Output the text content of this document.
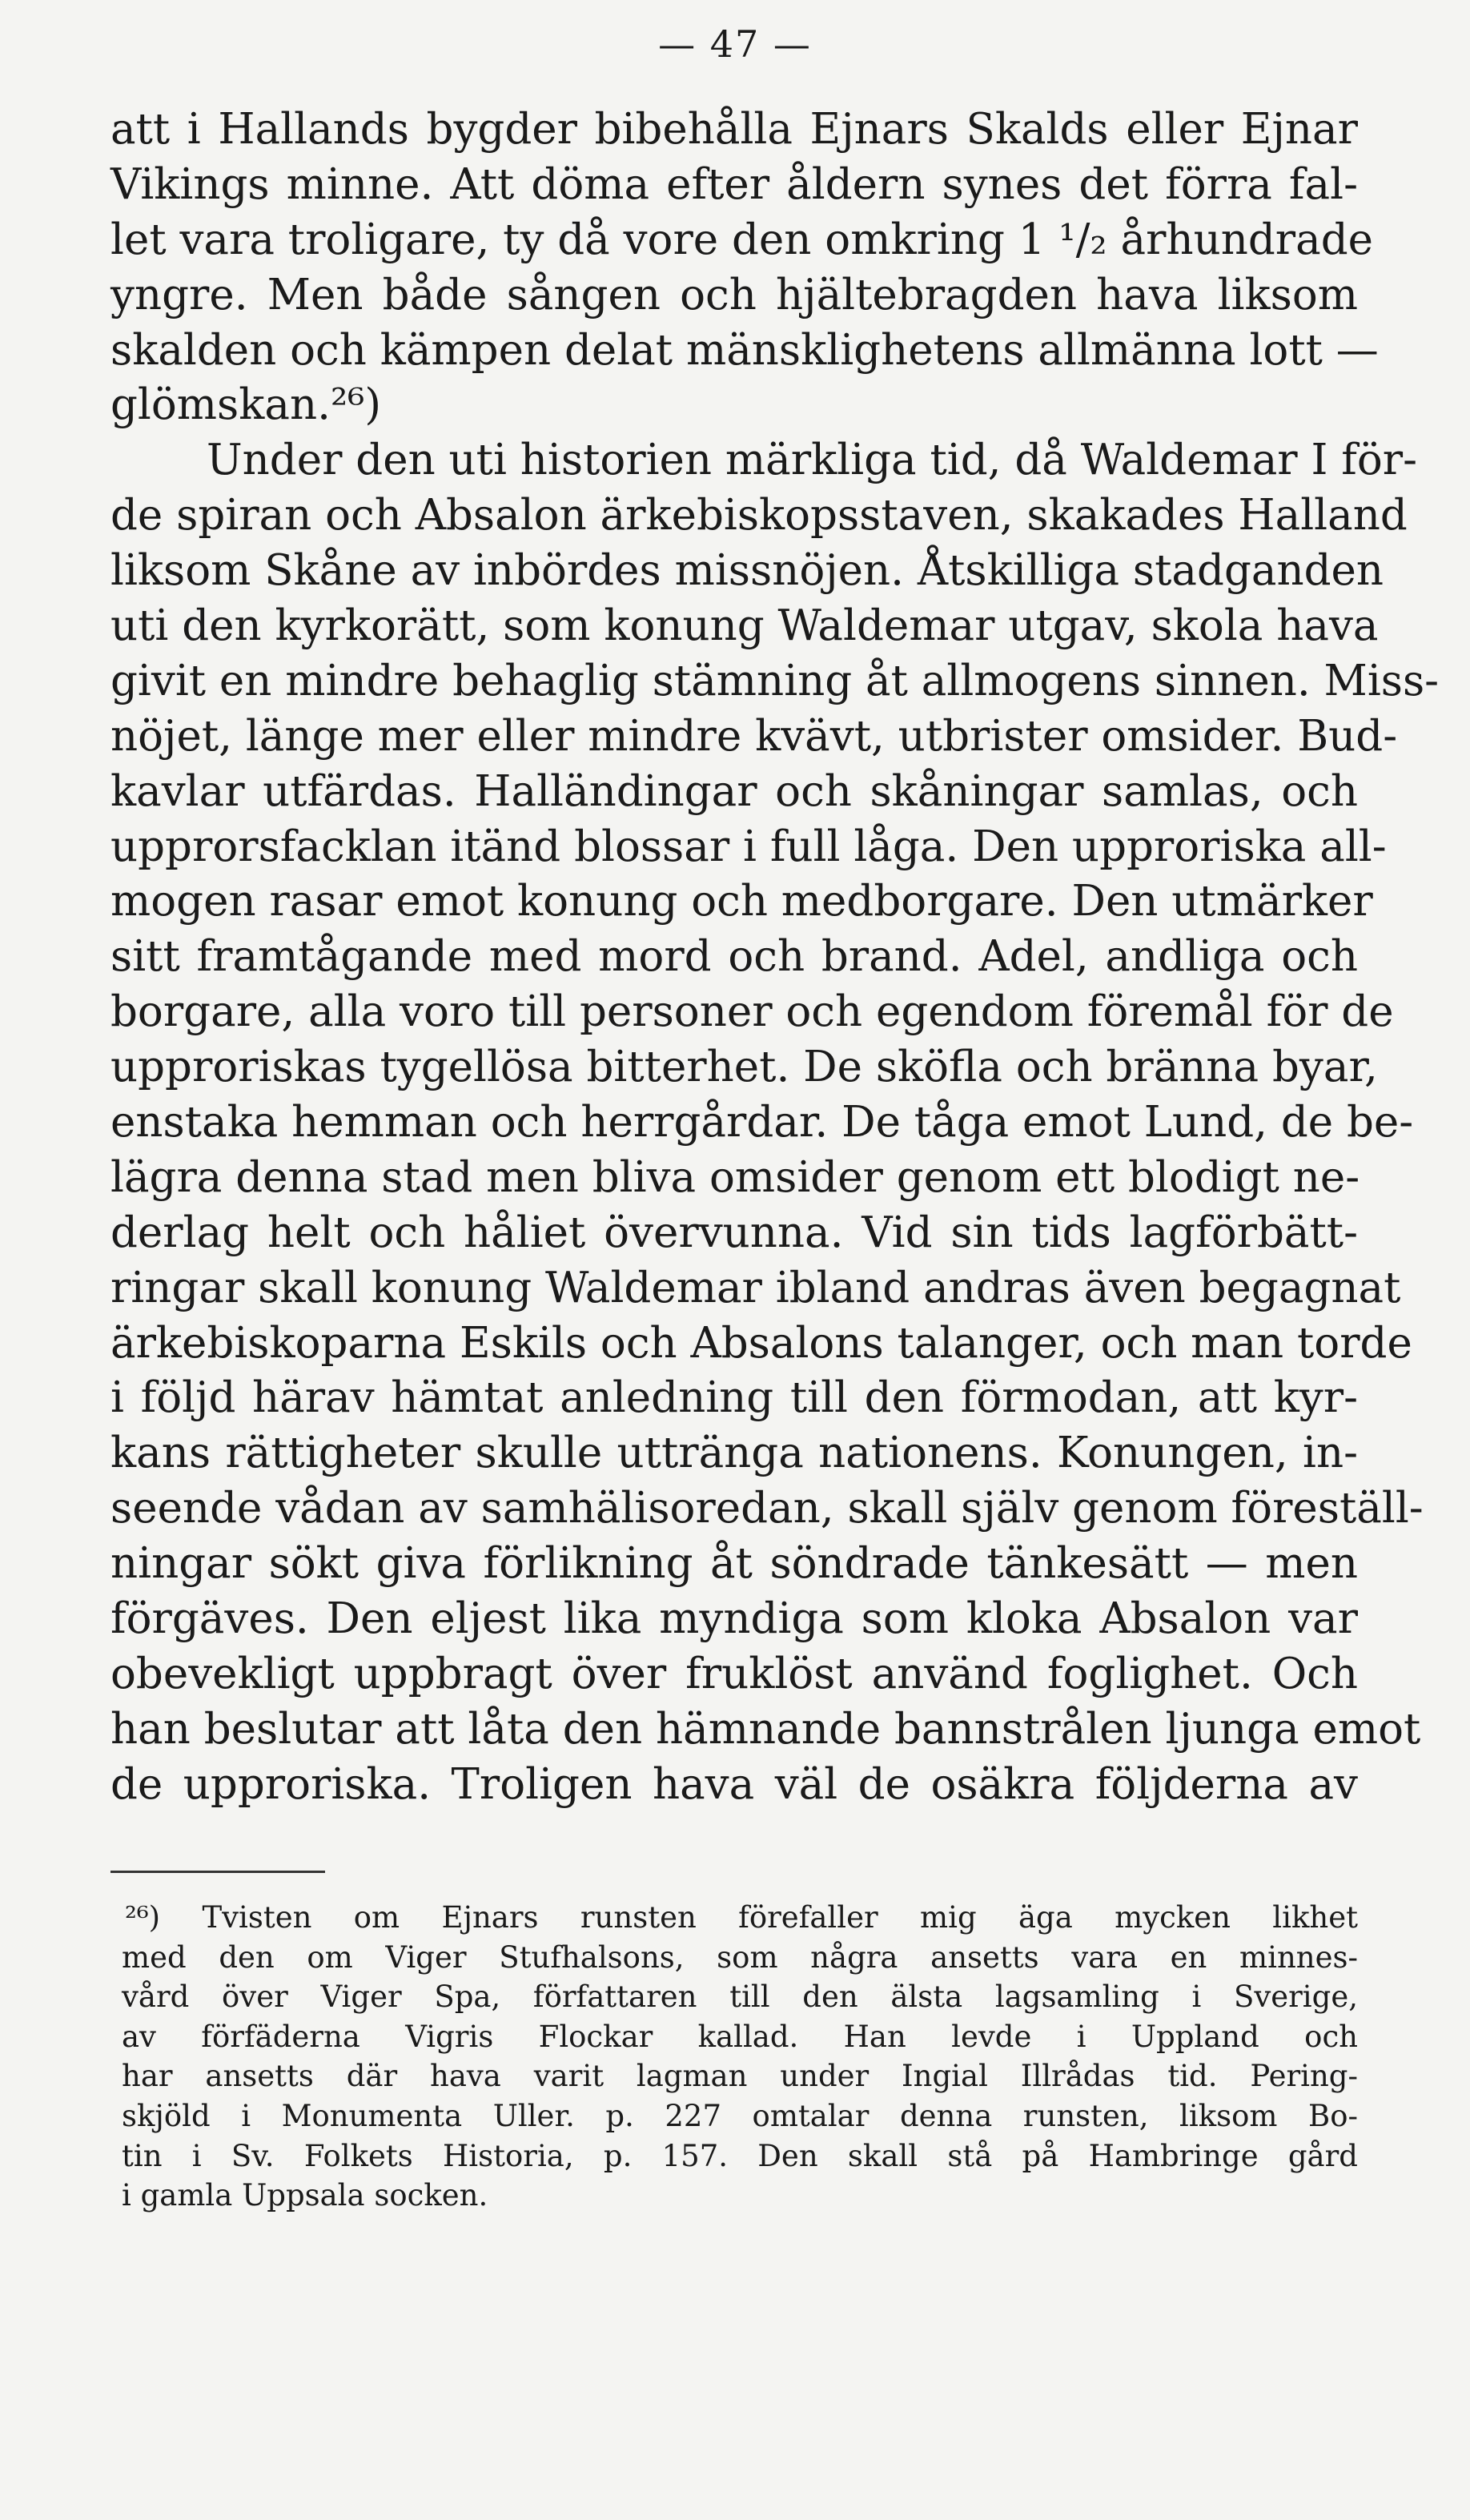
— 47 —
att i Hallands bygder bibehålla Ejnars Skalds eller Ejnar
Vikings minne. Att döma efter åldern synes det förra fal-
let vara troligare, ty då vore den omkring 1 ¹/₂ århundrade
yngre. Men både sången och hjältebragden hava liksom
skalden och kämpen delat mänsklighetens allmänna lott —
glömskan.²⁶)
Under den uti historien märkliga tid, då Waldemar I för-
de spiran och Absalon ärkebiskopsstaven, skakades Halland
liksom Skåne av inbördes missnöjen. Åtskilliga stadganden
uti den kyrkorätt, som konung Waldemar utgav, skola hava
givit en mindre behaglig stämning åt allmogens sinnen. Miss-
nöjet, länge mer eller mindre kvävt, utbrister omsider. Bud-
kavlar utfärdas. Halländingar och skåningar samlas, och
upprorsfacklan itänd blossar i full låga. Den upproriska all-
mogen rasar emot konung och medborgare. Den utmärker
sitt framtågande med mord och brand. Adel, andliga och
borgare, alla voro till personer och egendom föremål för de
upproriskas tygellösa bitterhet. De sköfla och bränna byar,
enstaka hemman och herrgårdar. De tåga emot Lund, de be-
lägra denna stad men bliva omsider genom ett blodigt ne-
derlag helt och håliet övervunna. Vid sin tids lagförbätt-
ringar skall konung Waldemar ibland andras även begagnat
ärkebiskoparna Eskils och Absalons talanger, och man torde
i följd härav hämtat anledning till den förmodan, att kyr-
kans rättigheter skulle uttränga nationens. Konungen, in-
seende vådan av samhälisoredan, skall själv genom föreställ-
ningar sökt giva förlikning åt söndrade tänkesätt — men
förgäves. Den eljest lika myndiga som kloka Absalon var
obevekligt uppbragt över fruklöst använd foglighet. Och
han beslutar att låta den hämnande bannstrålen ljunga emot
de upproriska. Troligen hava väl de osäkra följderna av
²⁶) Tvisten om Ejnars runsten förefaller mig äga mycken likhet
med den om Viger Stufhalsons, som några ansetts vara en minnes-
vård över Viger Spa, författaren till den älsta lagsamling i Sverige,
av förfäderna Vigris Flockar kallad. Han levde i Uppland och
har ansetts där hava varit lagman under Ingial Illrådas tid. Pering-
skjöld i Monumenta Uller. p. 227 omtalar denna runsten, liksom Bo-
tin i Sv. Folkets Historia, p. 157. Den skall stå på Hambringe gård
i gamla Uppsala socken.
